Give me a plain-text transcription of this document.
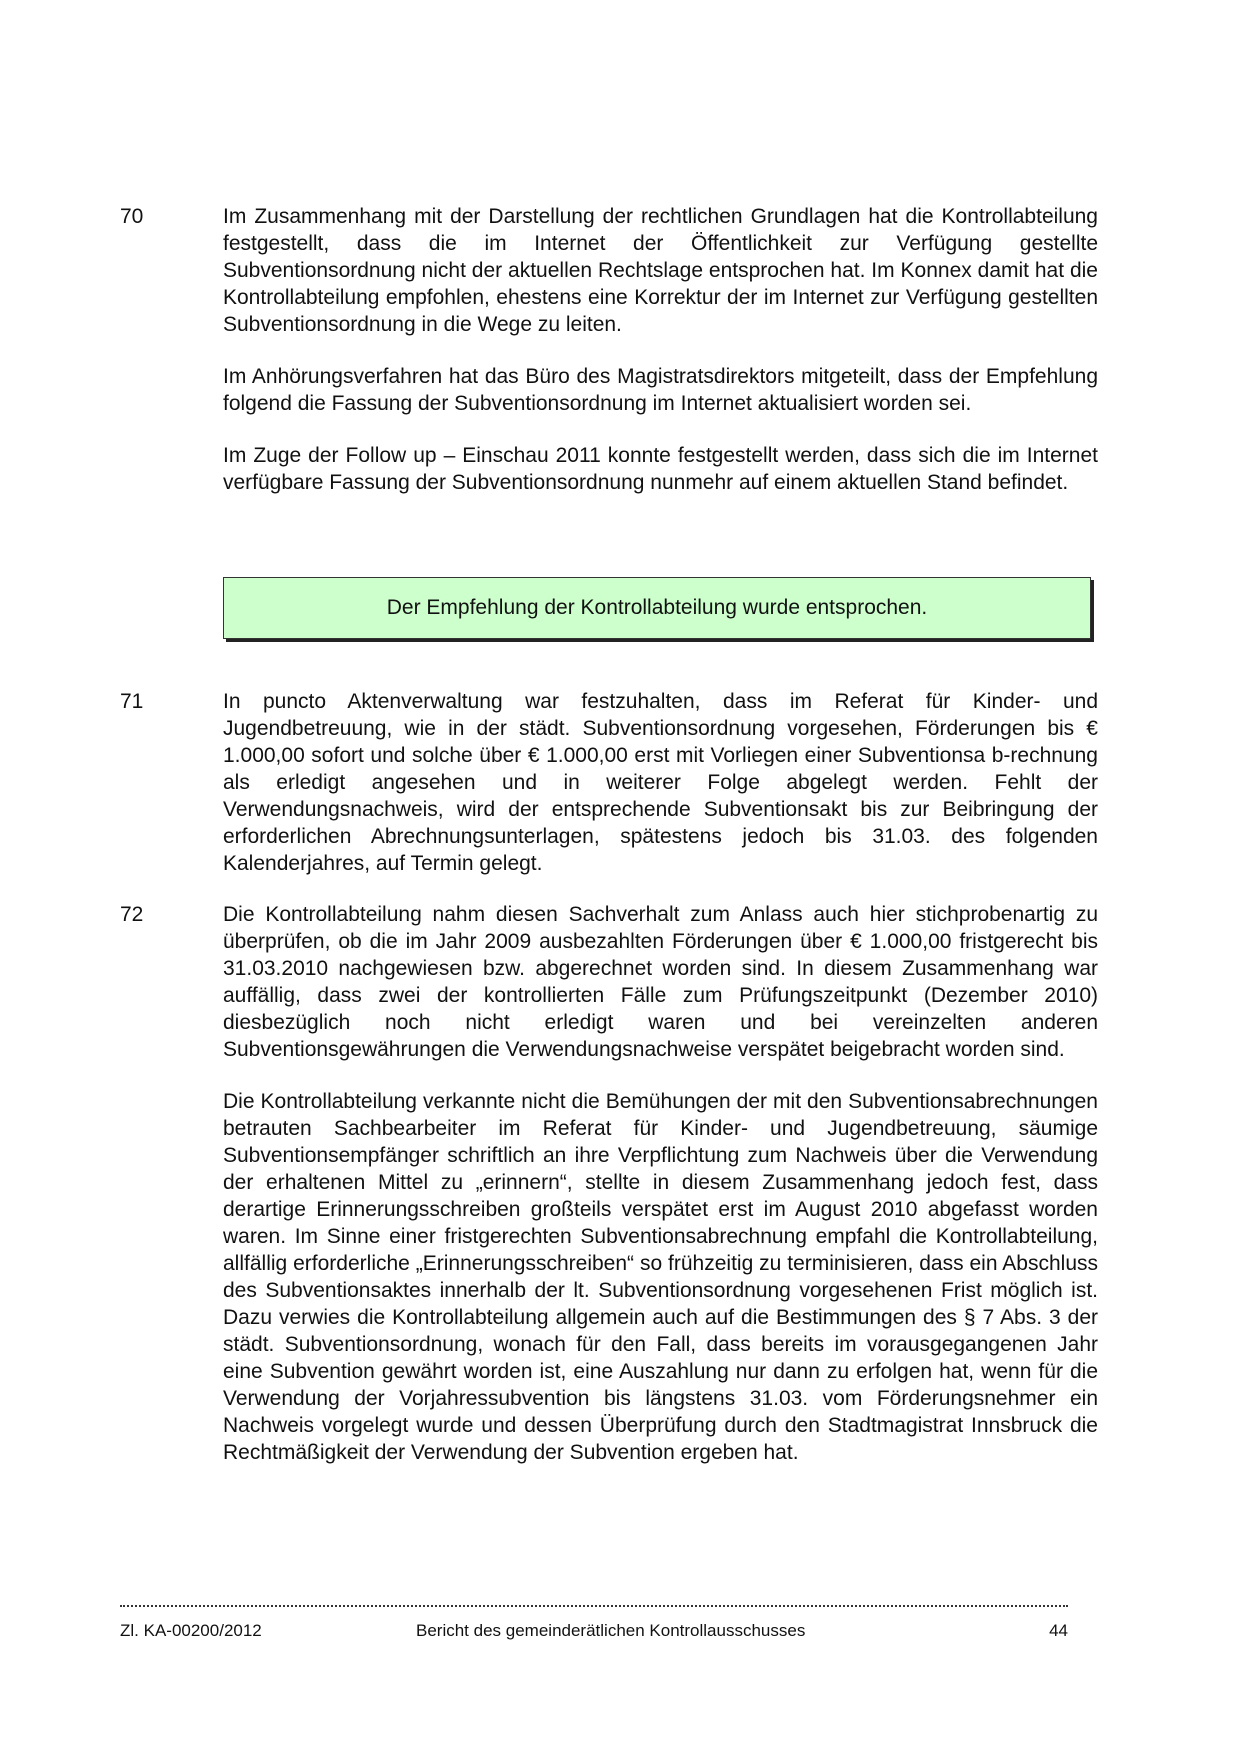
70	Im Zusammenhang mit der Darstellung der rechtlichen Grundlagen hat die Kontrollabteilung festgestellt, dass die im Internet der Öffentlichkeit zur Verfügung gestellte Subventionsordnung nicht der aktuellen Rechtslage entsprochen hat. Im Konnex damit hat die Kontrollabteilung empfohlen, ehestens eine Korrektur der im Internet zur Verfügung gestellten Subventionsordnung in die Wege zu leiten.

Im Anhörungsverfahren hat das Büro des Magistratsdirektors mitgeteilt, dass der Empfehlung folgend die Fassung der Subventionsordnung im Internet aktualisiert worden sei.

Im Zuge der Follow up – Einschau 2011 konnte festgestellt werden, dass sich die im Internet verfügbare Fassung der Subventionsordnung nunmehr auf einem aktuellen Stand befindet.

Der Empfehlung der Kontrollabteilung wurde entsprochen.
71	In puncto Aktenverwaltung war festzuhalten, dass im Referat für Kinder- und Jugendbetreuung, wie in der städt. Subventionsordnung vorgesehen, Förderungen bis € 1.000,00 sofort und solche über € 1.000,00 erst mit Vorliegen einer Subventionsa b-rechnung als erledigt angesehen und in weiterer Folge abgelegt werden. Fehlt der Verwendungsnachweis, wird der entsprechende Subventionsakt bis zur Beibringung der erforderlichen Abrechnungsunterlagen, spätestens jedoch bis 31.03. des folgenden Kalenderjahres, auf Termin gelegt.

72	Die Kontrollabteilung nahm diesen Sachverhalt zum Anlass auch hier stichprobenartig zu überprüfen, ob die im Jahr 2009 ausbezahlten Förderungen über € 1.000,00 fristgerecht bis 31.03.2010 nachgewiesen bzw. abgerechnet worden sind. In diesem Zusammenhang war auffällig, dass zwei der kontrollierten Fälle zum Prüfungszeitpunkt (Dezember 2010) diesbezüglich noch nicht erledigt waren und bei vereinzelten anderen Subventionsgewährungen die Verwendungsnachweise verspätet beigebracht worden sind.

Die Kontrollabteilung verkannte nicht die Bemühungen der mit den Subventionsabrechnungen betrauten Sachbearbeiter im Referat für Kinder- und Jugendbetreuung, säumige Subventionsempfänger schriftlich an ihre Verpflichtung zum Nachweis über die Verwendung der erhaltenen Mittel zu „erinnern“, stellte in diesem Zusammenhang jedoch fest, dass derartige Erinnerungsschreiben großteils verspätet erst im August 2010 abgefasst worden waren. Im Sinne einer fristgerechten Subventionsabrechnung empfahl die Kontrollabteilung, allfällig erforderliche „Erinnerungsschreiben“ so frühzeitig zu terminisieren, dass ein Abschluss des Subventionsaktes innerhalb der lt. Subventionsordnung vorgesehenen Frist möglich ist. Dazu verwies die Kontrollabteilung allgemein auch auf die Bestimmungen des § 7 Abs. 3 der städt. Subventionsordnung, wonach für den Fall, dass bereits im vorausgegangenen Jahr eine Subvention gewährt worden ist, eine Auszahlung nur dann zu erfolgen hat, wenn für die Verwendung der Vorjahressubvention bis längstens 31.03. vom Förderungsnehmer ein Nachweis vorgelegt wurde und dessen Überprüfung durch den Stadtmagistrat Innsbruck die Rechtmäßigkeit der Verwendung der Subvention ergeben hat.

Zl. KA-00200/2012	Bericht des gemeinderätlichen Kontrollausschusses	44
